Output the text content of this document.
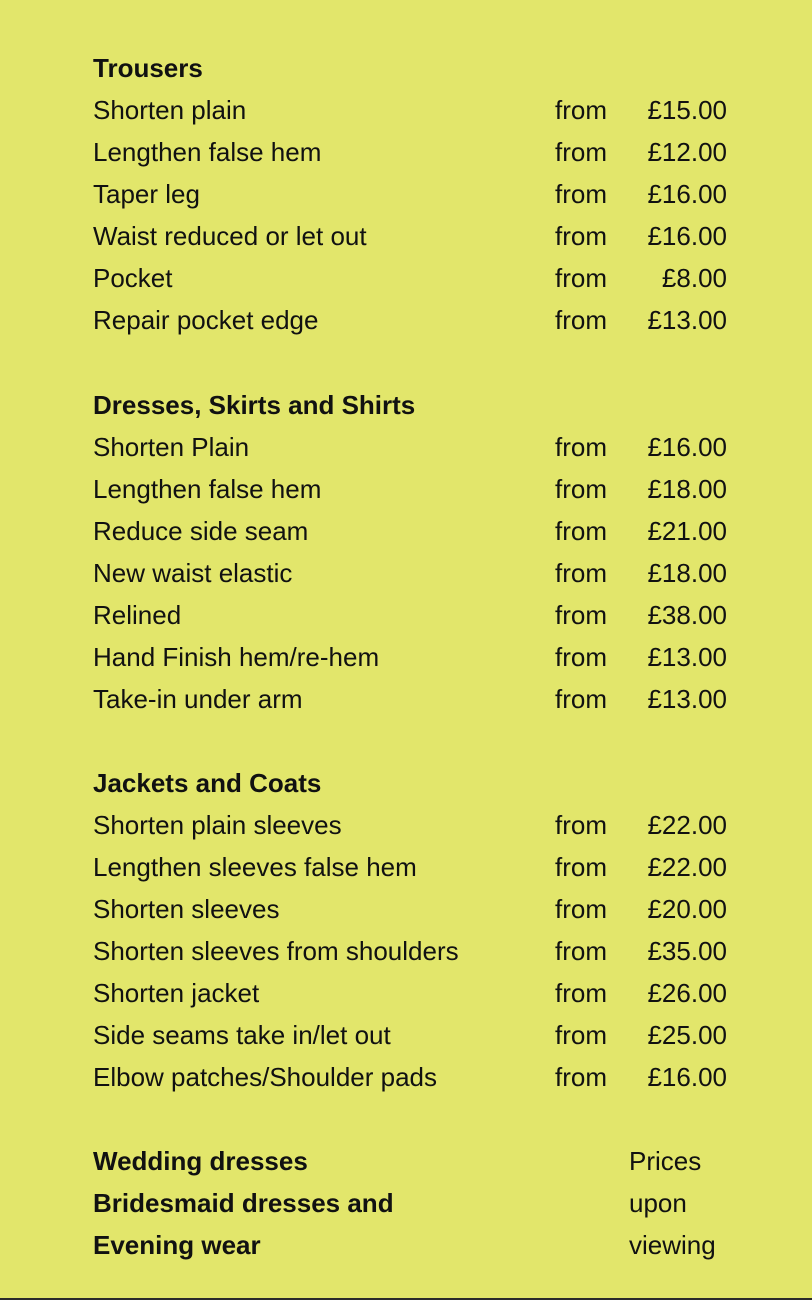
Trousers
Shorten plain	from £15.00
Lengthen false hem	from £12.00
Taper leg	from £16.00
Waist reduced or let out	from £16.00
Pocket	from £8.00
Repair pocket edge	from £13.00
Dresses, Skirts and Shirts
Shorten Plain	from £16.00
Lengthen false hem	from £18.00
Reduce side seam	from £21.00
New waist elastic	from £18.00
Relined	from £38.00
Hand Finish hem/re-hem	from £13.00
Take-in under arm	from £13.00
Jackets and Coats
Shorten plain sleeves	from £22.00
Lengthen sleeves false hem	from £22.00
Shorten sleeves	from £20.00
Shorten sleeves from shoulders	from £35.00
Shorten jacket	from £26.00
Side seams take in/let out	from £25.00
Elbow patches/Shoulder pads	from £16.00
Wedding dresses	Prices
Bridesmaid dresses and	upon
Evening wear	viewing
